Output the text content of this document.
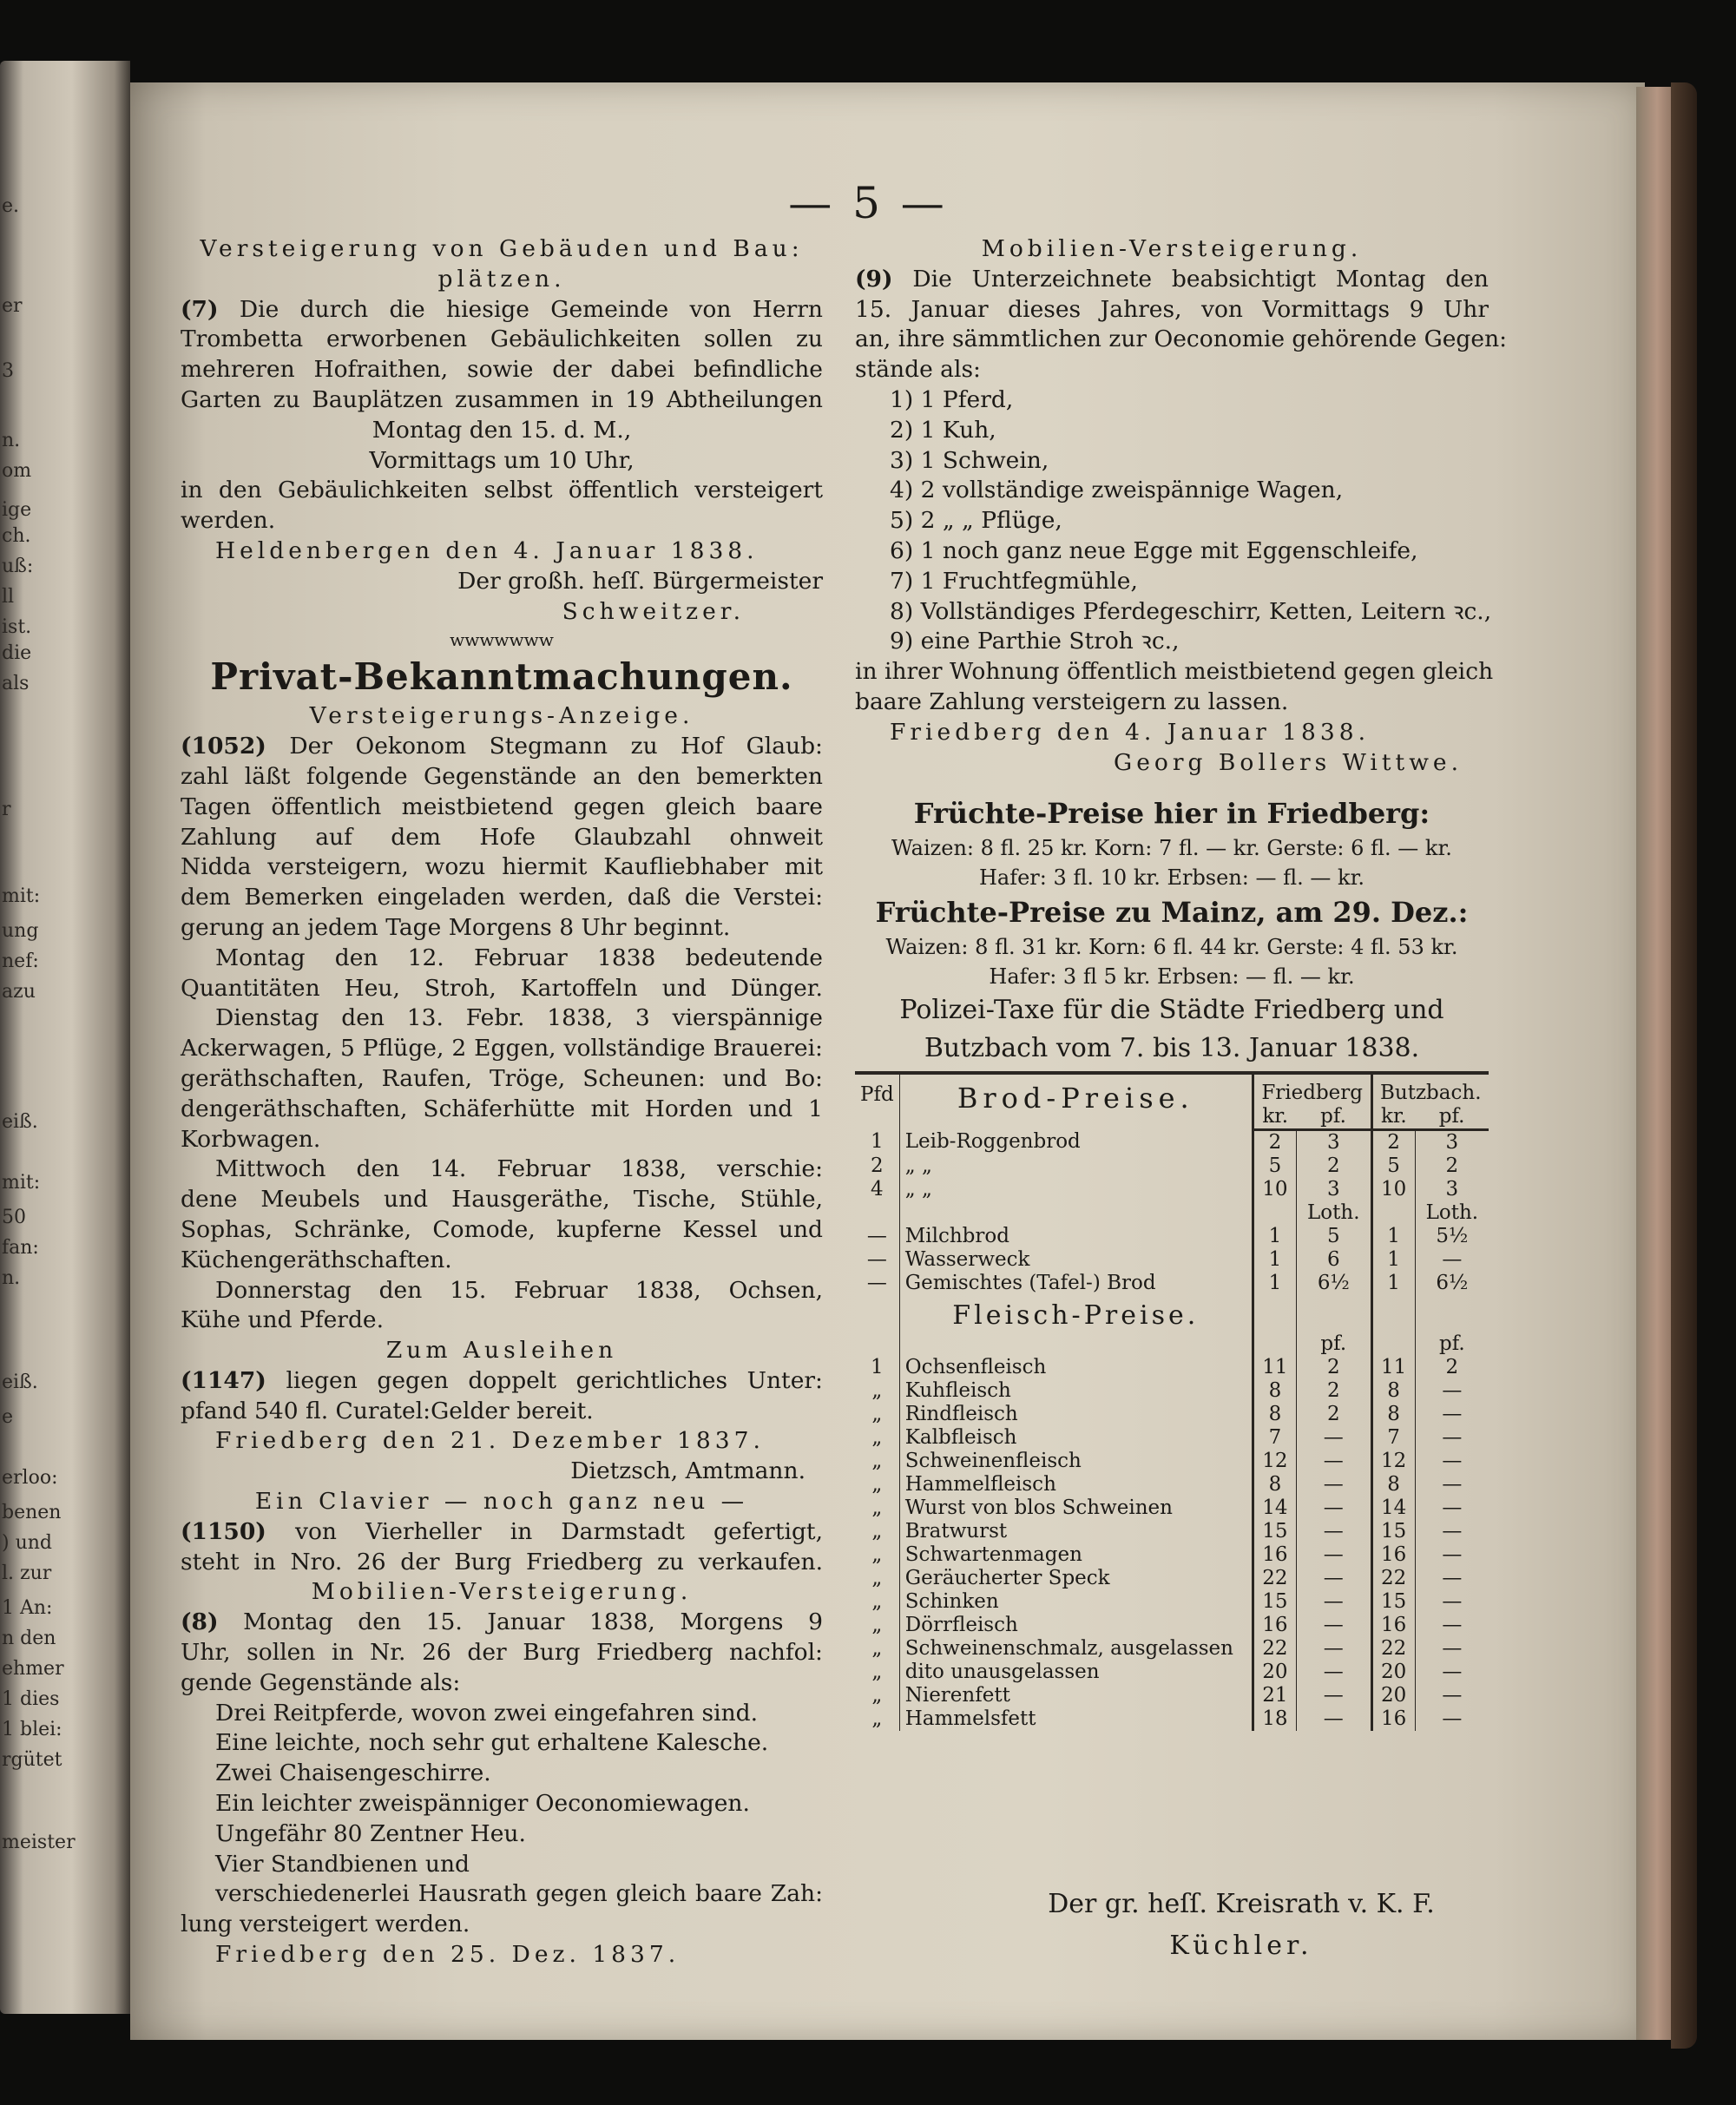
e.
er
3
n.
om
ige
ch.
uß:
ll
ist.
die
als
r
mit:
ung
nef:
azu
eiß.
mit:
50
fan:
n.
eiß.
e
erloo:
benen
) und
l. zur
1 An:
n den
ehmer
1 dies
1 blei:
rgütet
meister
— 5 —
Versteigerung von Gebäuden und Bau:
plätzen.
(7) Die durch die hiesige Gemeinde von Herrn
Trombetta erworbenen Gebäulichkeiten sollen zu
mehreren Hofraithen, sowie der dabei befindliche
Garten zu Bauplätzen zusammen in 19 Abtheilungen
Montag den 15. d. M.,
Vormittags um 10 Uhr,
in den Gebäulichkeiten selbst öffentlich versteigert
werden.
Heldenbergen den 4. Januar 1838.
Der großh. heſſ. Bürgermeister
Schweitzer.
wwwwwww
Privat-Bekanntmachungen.
Versteigerungs-Anzeige.
(1052) Der Oekonom Stegmann zu Hof Glaub:
zahl läßt folgende Gegenstände an den bemerkten
Tagen öffentlich meistbietend gegen gleich baare
Zahlung auf dem Hofe Glaubzahl ohnweit
Nidda versteigern, wozu hiermit Kaufliebhaber mit
dem Bemerken eingeladen werden, daß die Verstei:
gerung an jedem Tage Morgens 8 Uhr beginnt.
Montag den 12. Februar 1838 bedeutende
Quantitäten Heu, Stroh, Kartoffeln und Dünger.
Dienstag den 13. Febr. 1838, 3 vierspännige
Ackerwagen, 5 Pflüge, 2 Eggen, vollständige Brauerei:
geräthschaften, Raufen, Tröge, Scheunen: und Bo:
dengeräthschaften, Schäferhütte mit Horden und 1
Korbwagen.
Mittwoch den 14. Februar 1838, verschie:
dene Meubels und Hausgeräthe, Tische, Stühle,
Sophas, Schränke, Comode, kupferne Kessel und
Küchengeräthschaften.
Donnerstag den 15. Februar 1838, Ochsen,
Kühe und Pferde.
Zum Ausleihen
(1147) liegen gegen doppelt gerichtliches Unter:
pfand 540 fl. Curatel:Gelder bereit.
Friedberg den 21. Dezember 1837.
Dietzsch, Amtmann.
Ein Clavier — noch ganz neu —
(1150) von Vierheller in Darmstadt gefertigt,
steht in Nro. 26 der Burg Friedberg zu verkaufen.
Mobilien-Versteigerung.
(8) Montag den 15. Januar 1838, Morgens 9
Uhr, sollen in Nr. 26 der Burg Friedberg nachfol:
gende Gegenstände als:
Drei Reitpferde, wovon zwei eingefahren sind.
Eine leichte, noch sehr gut erhaltene Kalesche.
Zwei Chaisengeschirre.
Ein leichter zweispänniger Oeconomiewagen.
Ungefähr 80 Zentner Heu.
Vier Standbienen und
verschiedenerlei Hausrath gegen gleich baare Zah:
lung versteigert werden.
Friedberg den 25. Dez. 1837.
Mobilien-Versteigerung.
(9) Die Unterzeichnete beabsichtigt Montag den
15. Januar dieses Jahres, von Vormittags 9 Uhr
an, ihre sämmtlichen zur Oeconomie gehörende Gegen:
stände als:
1) 1 Pferd,
2) 1 Kuh,
3) 1 Schwein,
4) 2 vollständige zweispännige Wagen,
5) 2 „ „ Pflüge,
6) 1 noch ganz neue Egge mit Eggenschleife,
7) 1 Fruchtfegmühle,
8) Vollständiges Pferdegeschirr, Ketten, Leitern ꝛc.,
9) eine Parthie Stroh ꝛc.,
in ihrer Wohnung öffentlich meistbietend gegen gleich
baare Zahlung versteigern zu lassen.
Friedberg den 4. Januar 1838.
Georg Bollers Wittwe.
Früchte-Preise hier in Friedberg:
Waizen: 8 fl. 25 kr. Korn: 7 fl. — kr. Gerste: 6 fl. — kr.
Hafer: 3 fl. 10 kr. Erbsen: — fl. — kr.
Früchte-Preise zu Mainz, am 29. Dez.:
Waizen: 8 fl. 31 kr. Korn: 6 fl. 44 kr. Gerste: 4 fl. 53 kr.
Hafer: 3 fl 5 kr. Erbsen: — fl. — kr.
Polizei-Taxe für die Städte Friedberg und
Butzbach vom 7. bis 13. Januar 1838.
Pfd	Brod-Preise.	Friedberg		Butzbach.	
		kr.	pf.	kr.	pf.
1	Leib-Roggenbrod	2	3	2	3
2	„ „	5	2	5	2
4	„ „	10	3	10	3
			Loth.		Loth.
—	Milchbrod	1	5	1	5½
—	Wasserweck	1	6	1	—
—	Gemischtes (Tafel-) Brod	1	6½	1	6½
	Fleisch-Preise.				
			pf.		pf.
1	Ochsenfleisch	11	2	11	2
„	Kuhfleisch	8	2	8	—
„	Rindfleisch	8	2	8	—
„	Kalbfleisch	7	—	7	—
„	Schweinenfleisch	12	—	12	—
„	Hammelfleisch	8	—	8	—
„	Wurst von blos Schweinen	14	—	14	—
„	Bratwurst	15	—	15	—
„	Schwartenmagen	16	—	16	—
„	Geräucherter Speck	22	—	22	—
„	Schinken	15	—	15	—
„	Dörrfleisch	16	—	16	—
„	Schweinenschmalz, ausgelassen	22	—	22	—
„	dito unausgelassen	20	—	20	—
„	Nierenfett	21	—	20	—
„	Hammelsfett	18	—	16	—
Der gr. heſſ. Kreisrath v. K. F.
Küchler.
